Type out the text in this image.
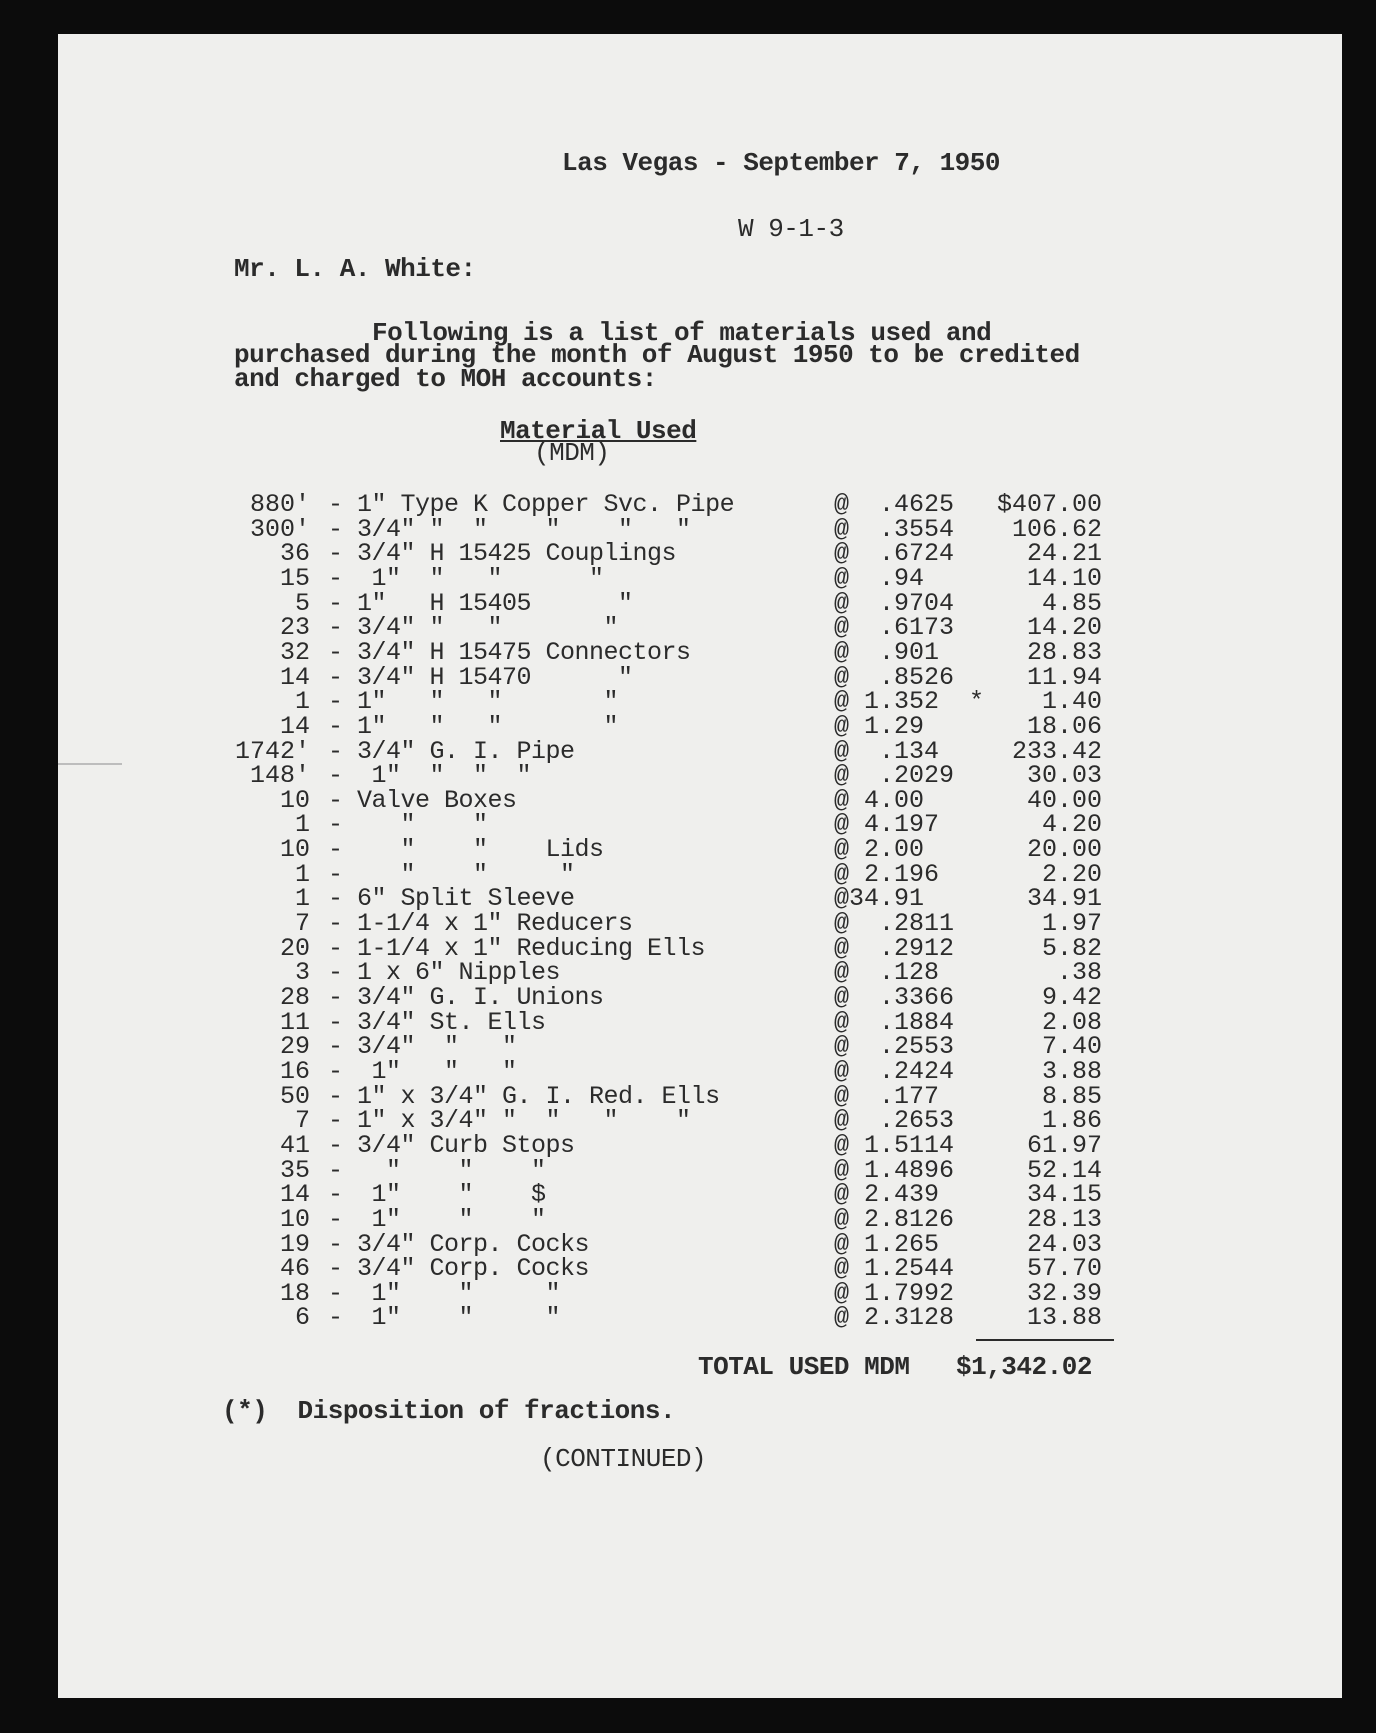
Las Vegas - September 7, 1950
W 9-1-3
Mr. L. A. White:
Following is a list of materials used and
purchased during the month of August 1950 to be credited
and charged to MOH accounts:
Material Used
(MDM)
880' - 1" Type K Copper Svc. Pipe	@  .4625 $407.00
300' - 3/4" "  "    "    "   "	@  .3554 106.62
36 - 3/4" H 15425 Couplings	@  .6724	24.21
15 -  1"  "   "      "	@  .94	14.10
5 - 1"   H 15405      "	@  .9704	4.85
23 - 3/4" "   "       "	@  .6173	14.20
32 - 3/4" H 15475 Connectors	@  .901	28.83
14 - 3/4" H 15470      "	@  .8526	11.94
1 - 1"   "   "       "	@ 1.352  * 1.40
14 - 1"   "   "       "	@ 1.29	18.06
1742' - 3/4" G. I. Pipe	@  .134	233.42
148' -  1"  "  "  "	@  .2029	30.03
10 - Valve Boxes	@ 4.00	40.00
1 -    "    "	@ 4.197	4.20
10 -    "    "    Lids	@ 2.00	20.00
1 -    "    "     "	@ 2.196	2.20
1 - 6" Split Sleeve	@34.91	34.91
7 - 1-1/4 x 1" Reducers	@  .2811	1.97
20 - 1-1/4 x 1" Reducing Ells	@  .2912	5.82
3 - 1 x 6" Nipples	@  .128	.38
28 - 3/4" G. I. Unions	@  .3366	9.42
11 - 3/4" St. Ells	@  .1884	2.08
29 - 3/4"  "   "	@  .2553	7.40
16 -  1"   "   "	@  .2424	3.88
50 - 1" x 3/4" G. I. Red. Ells	@  .177	8.85
7 - 1" x 3/4" "  "   "    "	@  .2653	1.86
41 - 3/4" Curb Stops	@ 1.5114	61.97
35 -   "    "    "	@ 1.4896	52.14
14 -  1"    "    $	@ 2.439	34.15
10 -  1"    "    "	@ 2.8126	28.13
19 - 3/4" Corp. Cocks	@ 1.265	24.03
46 - 3/4" Corp. Cocks	@ 1.2544	57.70
18 -  1"    "     "	@ 1.7992	32.39
6 -  1"    "     "	@ 2.3128	13.88
TOTAL USED MDM $1,342.02
(*)  Disposition of fractions.
(CONTINUED)
